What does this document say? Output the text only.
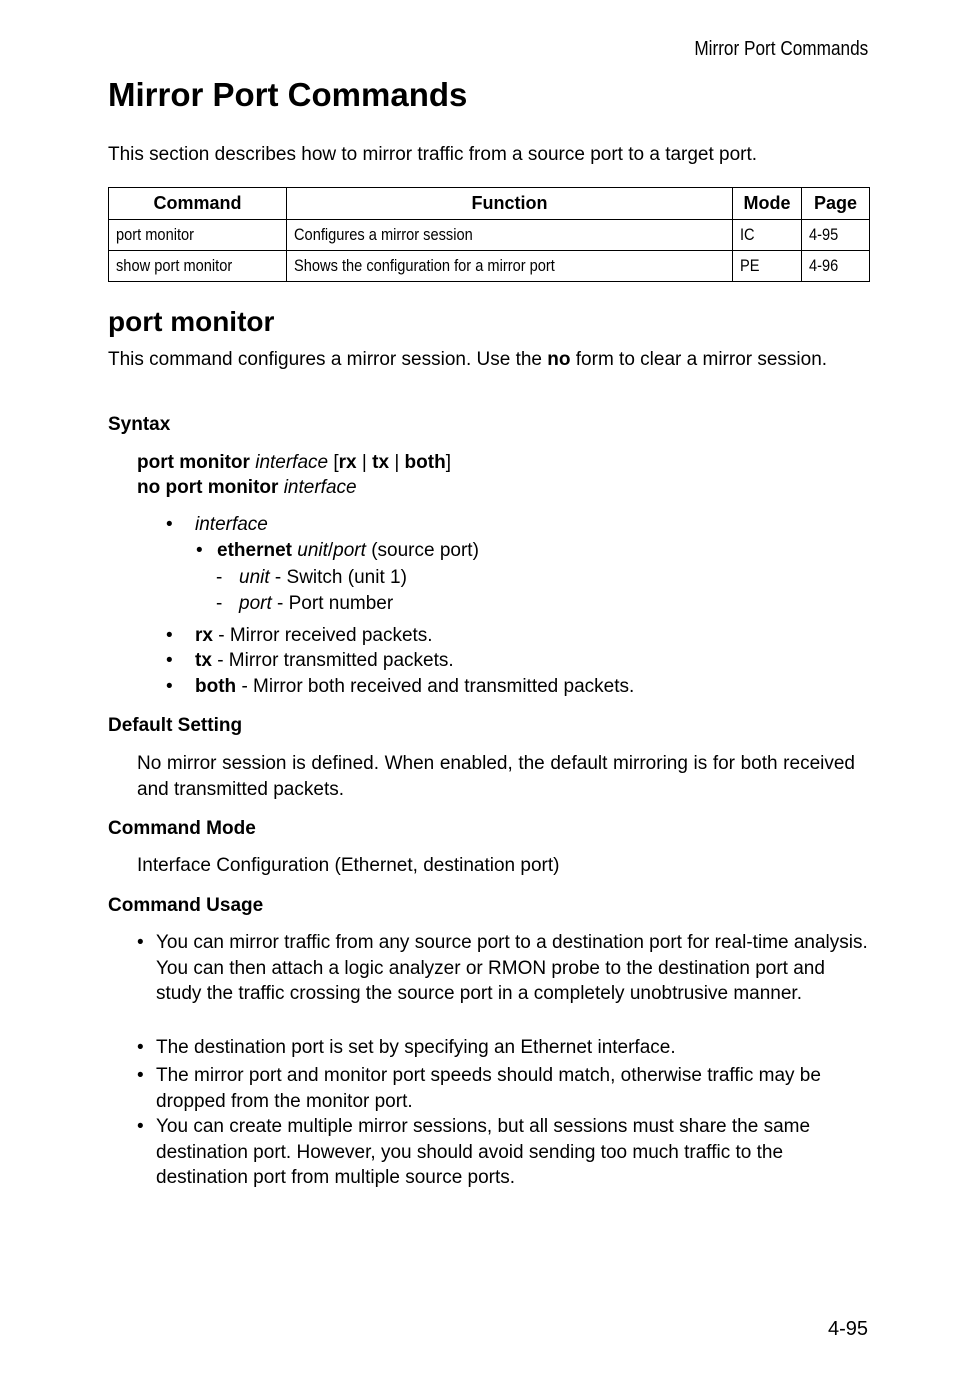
Mirror Port Commands
Mirror Port Commands

This section describes how to mirror traffic from a source port to a target port.

Command	Function	Mode	Page
port monitor	Configures a mirror session	IC	4-95
show port monitor	Shows the configuration for a mirror port	PE	4-96
port monitor

This command configures a mirror session. Use the no form to clear a mirror session.

Syntax
port monitor interface [rx | tx | both]
no port monitor interface
• interface
• ethernet unit/port (source port)
- unit - Switch (unit 1)
- port - Port number
• rx - Mirror received packets.
• tx - Mirror transmitted packets.
• both - Mirror both received and transmitted packets.
Default Setting

No mirror session is defined. When enabled, the default mirroring is for both received and transmitted packets.

Command Mode

Interface Configuration (Ethernet, destination port)

Command Usage
• You can mirror traffic from any source port to a destination port for real-time analysis. You can then attach a logic analyzer or RMON probe to the destination port and study the traffic crossing the source port in a completely unobtrusive manner.
• The destination port is set by specifying an Ethernet interface.
• The mirror port and monitor port speeds should match, otherwise traffic may be dropped from the monitor port.
• You can create multiple mirror sessions, but all sessions must share the same destination port. However, you should avoid sending too much traffic to the destination port from multiple source ports.
4-95
